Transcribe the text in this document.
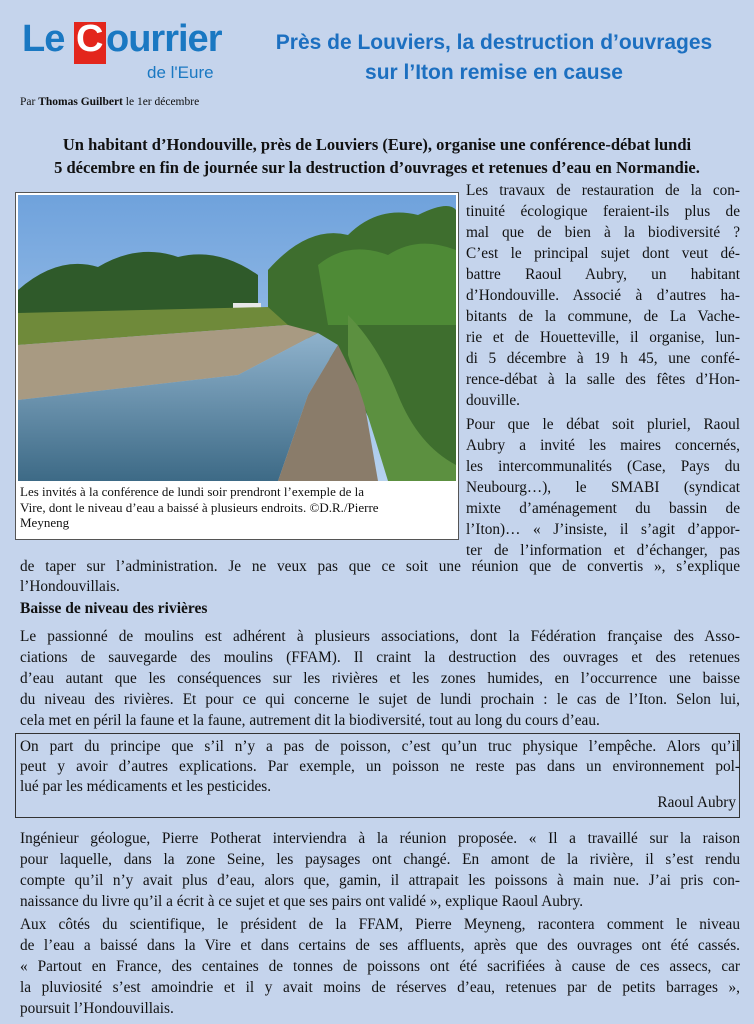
Le C ourrier
de l'Eure
Près de Louviers, la destruction d’ouvrages
sur l’Iton remise en cause
Par Thomas Guilbert le 1er décembre
Un habitant d’Hondouville, près de Louviers (Eure), organise une conférence-débat lundi
5 décembre en fin de journée sur la destruction d’ouvrages et retenues d’eau en Normandie.
Les invités à la conférence de lundi soir prendront l’exemple de la
Vire, dont le niveau d’eau a baissé à plusieurs endroits. ©D.R./Pierre
Meyneng
Les travaux de restauration de la con-
tinuité écologique feraient-ils plus de
mal que de bien à la biodiversité ?
C’est le principal sujet dont veut dé-
battre Raoul Aubry, un habitant
d’Hondouville. Associé à d’autres ha-
bitants de la commune, de La Vache-
rie et de Houetteville, il organise, lun-
di 5 décembre à 19 h 45, une confé-
rence-débat à la salle des fêtes d’Hon-
douville.
Pour que le débat soit pluriel, Raoul
Aubry a invité les maires concernés,
les intercommunalités (Case, Pays du
Neubourg…), le SMABI (syndicat
mixte d’aménagement du bassin de
l’Iton)… « J’insiste, il s’agit d’appor-
ter de l’information et d’échanger, pas
de taper sur l’administration. Je ne veux pas que ce soit une réunion que de convertis », s’explique
l’Hondouvillais.
Baisse de niveau des rivières
Le passionné de moulins est adhérent à plusieurs associations, dont la Fédération française des Asso-
ciations de sauvegarde des moulins (FFAM). Il craint la destruction des ouvrages et des retenues
d’eau autant que les conséquences sur les rivières et les zones humides, en l’occurrence une baisse
du niveau des rivières. Et pour ce qui concerne le sujet de lundi prochain : le cas de l’Iton. Selon lui,
cela met en péril la faune et la faune, autrement dit la biodiversité, tout au long du cours d’eau.
On part du principe que s’il n’y a pas de poisson, c’est qu’un truc physique l’empêche. Alors qu’il
peut y avoir d’autres explications. Par exemple, un poisson ne reste pas dans un environnement pol-
lué par les médicaments et les pesticides.
Raoul Aubry
Ingénieur géologue, Pierre Potherat interviendra à la réunion proposée. « Il a travaillé sur la raison
pour laquelle, dans la zone Seine, les paysages ont changé. En amont de la rivière, il s’est rendu
compte qu’il n’y avait plus d’eau, alors que, gamin, il attrapait les poissons à main nue. J’ai pris con-
naissance du livre qu’il a écrit à ce sujet et que ses pairs ont validé », explique Raoul Aubry.
Aux côtés du scientifique, le président de la FFAM, Pierre Meyneng, racontera comment le niveau
de l’eau a baissé dans la Vire et dans certains de ses affluents, après que des ouvrages ont été cassés.
« Partout en France, des centaines de tonnes de poissons ont été sacrifiées à cause de ces assecs, car
la pluviosité s’est amoindrie et il y avait moins de réserves d’eau, retenues par de petits barrages »,
poursuit l’Hondouvillais.
